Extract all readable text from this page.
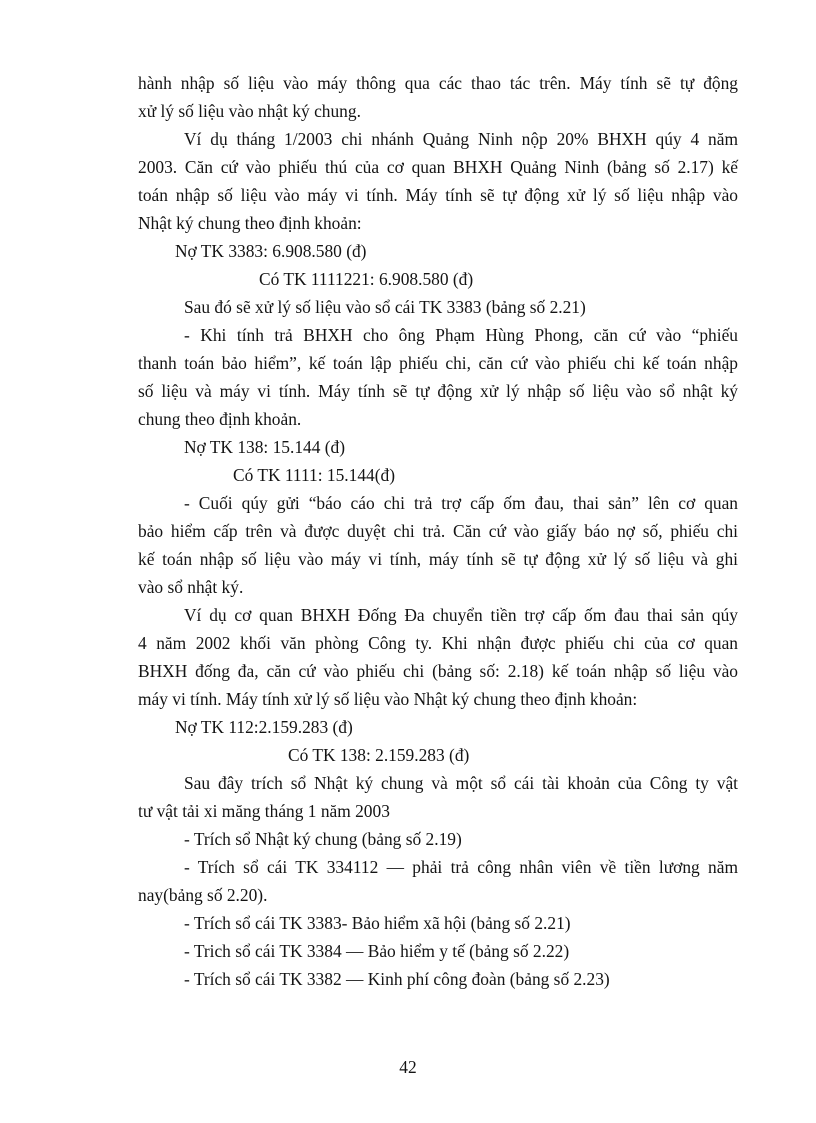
hành nhập số liệu vào máy thông qua các thao tác trên. Máy tính sẽ tự động
xử lý số liệu vào nhật ký chung.
Ví dụ tháng 1/2003 chi nhánh Quảng Ninh nộp 20% BHXH qúy 4 năm
2003. Căn cứ vào phiếu thú của cơ quan BHXH Quảng Ninh (bảng số 2.17) kế
toán nhập số liệu vào máy vi tính. Máy tính sẽ tự động xử lý số liệu nhập vào
Nhật ký chung theo định khoản:
Nợ TK 3383: 6.908.580 (đ)
Có TK 1111221: 6.908.580 (đ)
Sau đó sẽ xử lý số liệu vào sổ cái TK 3383 (bảng số 2.21)
- Khi tính trả BHXH cho ông Phạm Hùng Phong, căn cứ vào “phiếu
thanh toán bảo hiểm”, kế toán lập phiếu chi, căn cứ vào phiếu chi kế toán nhập
số liệu và máy vi tính. Máy tính sẽ tự động xử lý nhập số liệu vào sổ nhật ký
chung theo định khoản.
Nợ TK 138: 15.144 (đ)
Có TK 1111: 15.144(đ)
- Cuối qúy gửi “báo cáo chi trả trợ cấp ốm đau, thai sản” lên cơ quan
bảo hiểm cấp trên và được duyệt chi trả. Căn cứ vào giấy báo nợ số, phiếu chi
kế toán nhập số liệu vào máy vi tính, máy tính sẽ tự động xử lý số liệu và ghi
vào sổ nhật ký.
Ví dụ cơ quan BHXH Đống Đa chuyển tiền trợ cấp ốm đau thai sản qúy
4 năm 2002 khối văn phòng Công ty. Khi nhận được phiếu chi của cơ quan
BHXH đống đa, căn cứ vào phiếu chi (bảng số: 2.18) kế toán nhập số liệu vào
máy vi tính. Máy tính xử lý số liệu vào Nhật ký chung theo định khoản:
Nợ TK 112:2.159.283 (đ)
Có TK 138: 2.159.283 (đ)
Sau đây trích sổ Nhật ký chung và một sổ cái tài khoản của Công ty vật
tư vật tải xi măng tháng 1 năm 2003
- Trích sổ Nhật ký chung (bảng số 2.19)
- Trích sổ cái TK 334112 — phải trả công nhân viên về tiền lương năm
nay(bảng số 2.20).
- Trích sổ cái TK 3383- Bảo hiểm xã hội (bảng số 2.21)
- Trich sổ cái TK 3384 — Bảo hiểm y tế (bảng số 2.22)
- Trích sổ cái TK 3382 — Kinh phí công đoàn (bảng số 2.23)
42
